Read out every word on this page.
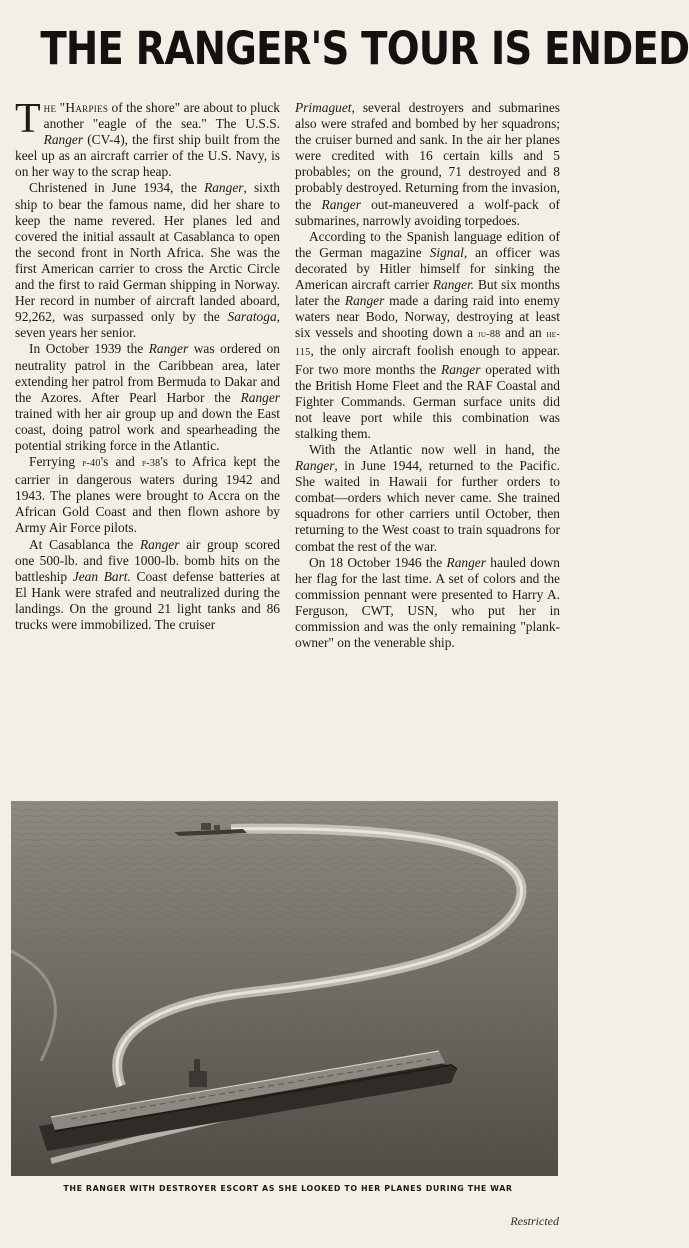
THE RANGER'S TOUR IS ENDED

The "Harpies of the shore" are about to pluck another "eagle of the sea." The U.S.S. Ranger (CV-4), the first ship built from the keel up as an aircraft carrier of the U.S. Navy, is on her way to the scrap heap.

Christened in June 1934, the Ranger, sixth ship to bear the famous name, did her share to keep the name revered. Her planes led and covered the initial assault at Casablanca to open the second front in North Africa. She was the first American carrier to cross the Arctic Circle and the first to raid German shipping in Norway. Her record in number of aircraft landed aboard, 92,262, was surpassed only by the Saratoga, seven years her senior.

In October 1939 the Ranger was ordered on neutrality patrol in the Caribbean area, later extending her patrol from Bermuda to Dakar and the Azores. After Pearl Harbor the Ranger trained with her air group up and down the East coast, doing patrol work and spearheading the potential striking force in the Atlantic.

Ferrying p-40's and p-38's to Africa kept the carrier in dangerous waters during 1942 and 1943. The planes were brought to Accra on the African Gold Coast and then flown ashore by Army Air Force pilots.

At Casablanca the Ranger air group scored one 500-lb. and five 1000-lb. bomb hits on the battleship Jean Bart. Coast defense batteries at El Hank were strafed and neutralized during the landings. On the ground 21 light tanks and 86 trucks were immobilized. The cruiser

Primaguet, several destroyers and submarines also were strafed and bombed by her squadrons; the cruiser burned and sank. In the air her planes were credited with 16 certain kills and 5 probables; on the ground, 71 destroyed and 8 probably destroyed. Returning from the invasion, the Ranger out-maneuvered a wolf-pack of submarines, narrowly avoiding torpedoes.

According to the Spanish language edition of the German magazine Signal, an officer was decorated by Hitler himself for sinking the American aircraft carrier Ranger. But six months later the Ranger made a daring raid into enemy waters near Bodo, Norway, destroying at least six vessels and shooting down a ju-88 and an he-115, the only aircraft foolish enough to appear. For two more months the Ranger operated with the British Home Fleet and the RAF Coastal and Fighter Commands. German surface units did not leave port while this combination was stalking them.

With the Atlantic now well in hand, the Ranger, in June 1944, returned to the Pacific. She waited in Hawaii for further orders to combat—orders which never came. She trained squadrons for other carriers until October, then returning to the West coast to train squadrons for combat the rest of the war.

On 18 October 1946 the Ranger hauled down her flag for the last time. A set of colors and the commission pennant were presented to Harry A. Ferguson, CWT, USN, who put her in commission and was the only remaining "plank-owner" on the venerable ship.

THE RANGER WITH DESTROYER ESCORT AS SHE LOOKED TO HER PLANES DURING THE WAR
Restricted
